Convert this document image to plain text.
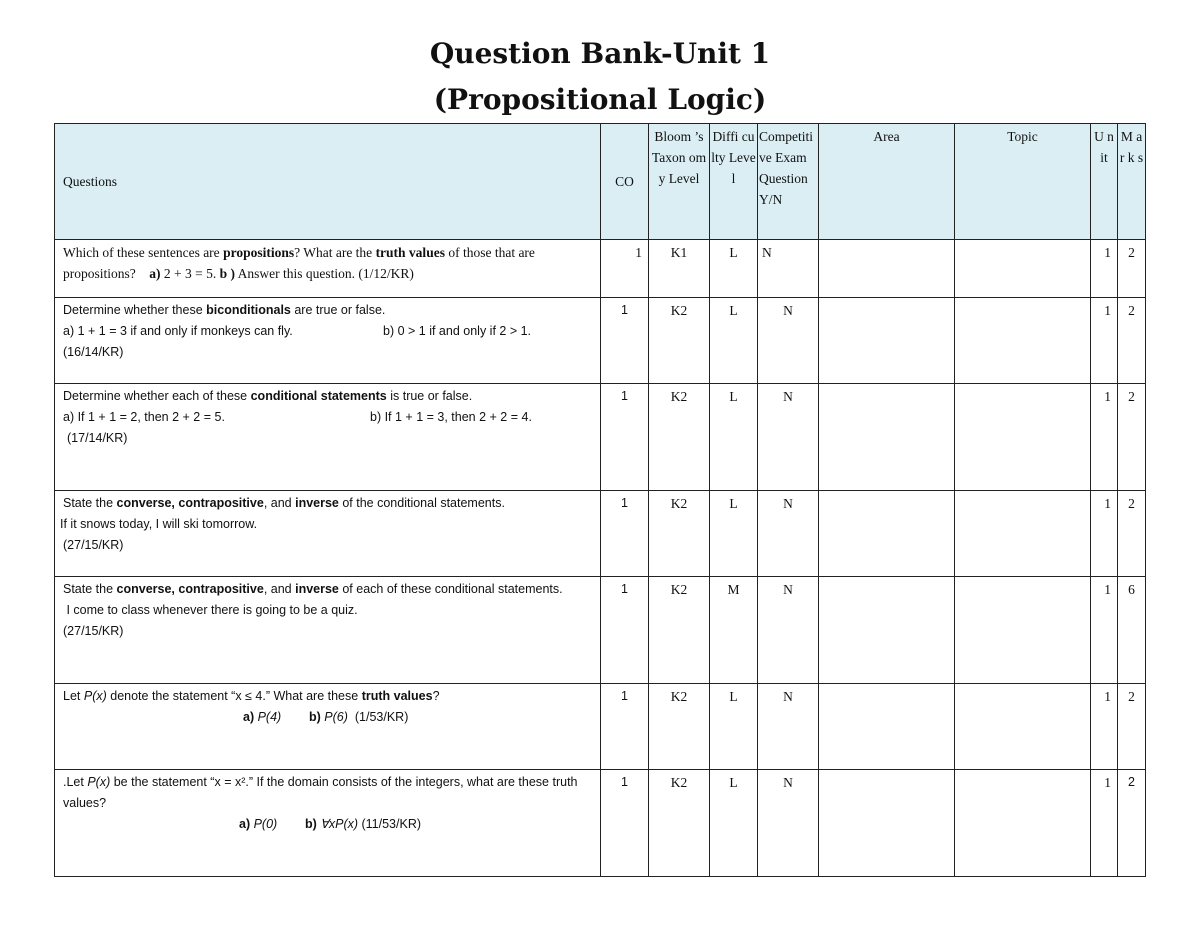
Question Bank-Unit 1
(Propositional Logic)
Questions	CO	Bloom ’s Taxon omy Level	Diffi culty Leve l	Competiti ve Exam Question Y/N	Area	Topic	U n it	M a r k s
Which of these sentences are propositions? What are the truth values of those that are propositions? a) 2 + 3 = 5. b ) Answer this question. (1/12/KR)	1	K1	L	N			1	2

Determine whether these biconditionals are true or false.
a) 1 + 1 = 3 if and only if monkeys can fly. b) 0 > 1 if and only if 2 > 1.
(16/14/KR)	1	K2	L	N			1	2

Determine whether each of these conditional statements is true or false.
a) If 1 + 1 = 2, then 2 + 2 = 5. b) If 1 + 1 = 3, then 2 + 2 = 4.
(17/14/KR)	1	K2	L	N			1	2

State the converse, contrapositive, and inverse of the conditional statements.
If it snows today, I will ski tomorrow.
(27/15/KR)	1	K2	L	N			1	2

State the converse, contrapositive, and inverse of each of these conditional statements.
I come to class whenever there is going to be a quiz.
(27/15/KR)	1	K2	M	N			1	6

Let P(x) denote the statement “x ≤ 4.” What are these truth values?
a) P(4) b) P(6)  (1/53/KR)	1	K2	L	N			1	2

.Let P(x) be the statement “x = x².” If the domain consists of the integers, what are these truth values?
a) P(0) b) ∀xP(x) (11/53/KR)	1	K2	L	N			1	2
